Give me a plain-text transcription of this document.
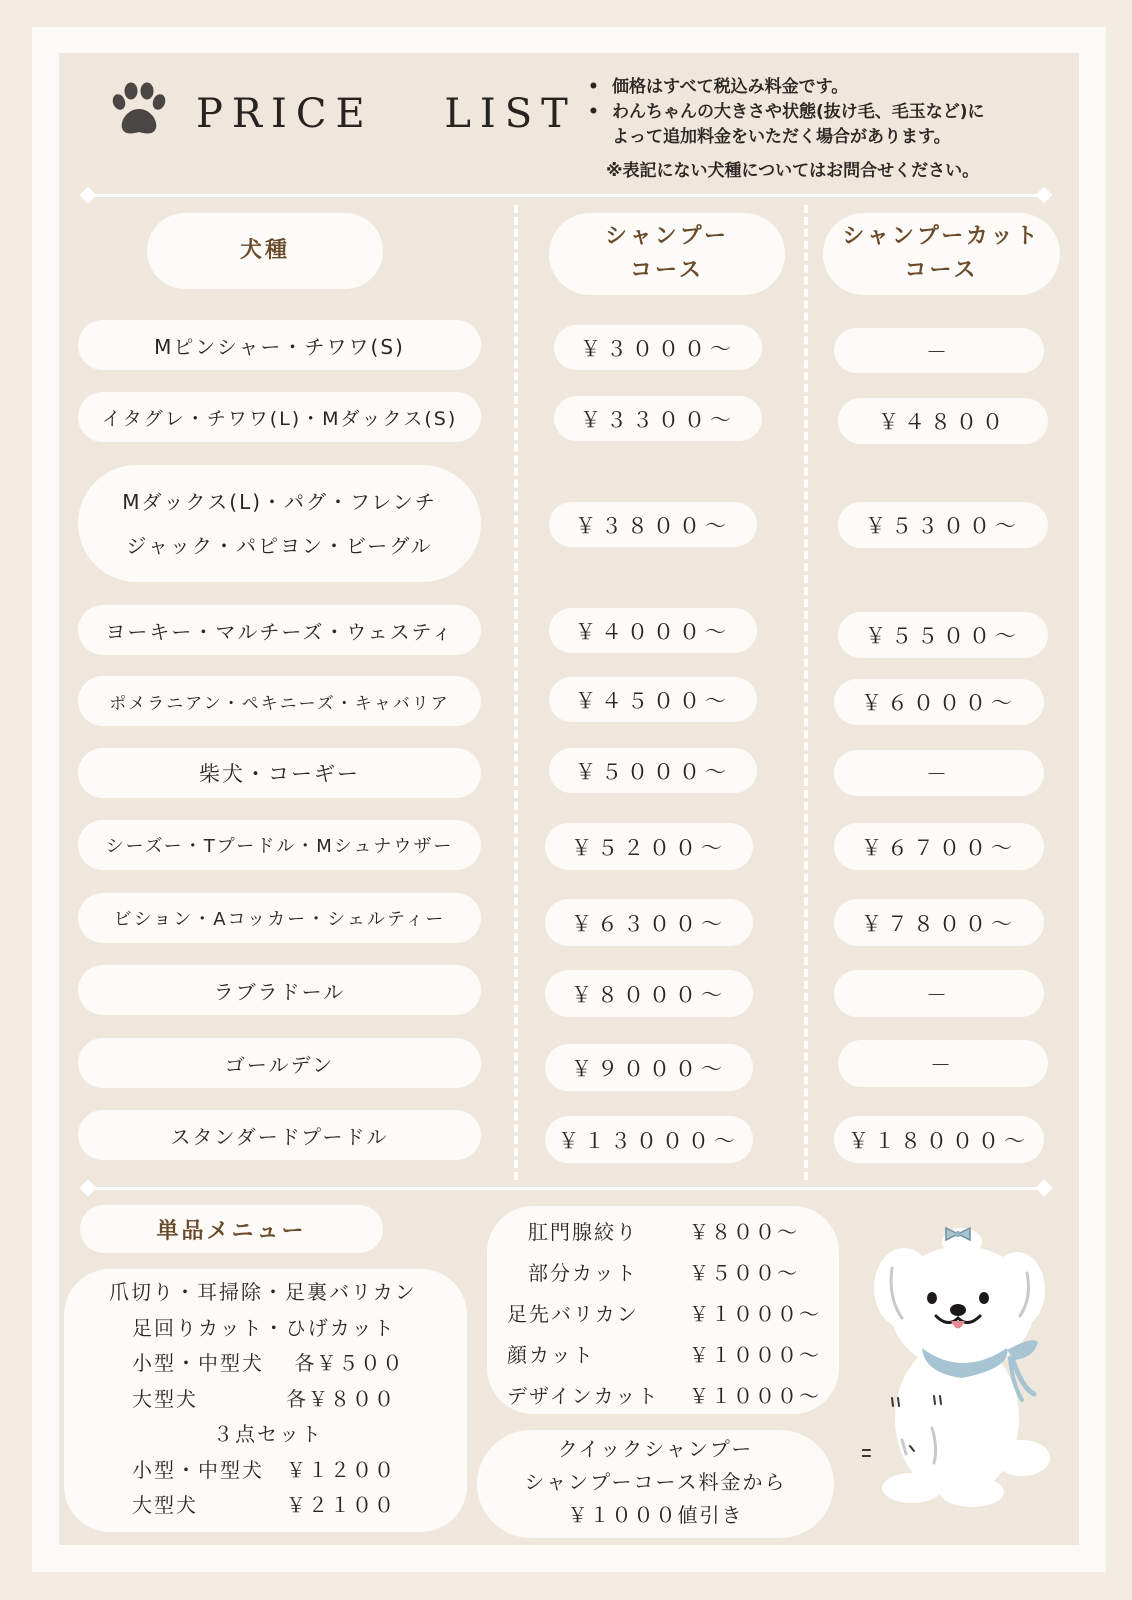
PRICE　 LIST
• 価格はすべて税込み料金です。
• わんちゃんの大きさや状態(抜け毛、毛玉など)に
よって追加料金をいただく場合があります。
※表記にない犬種についてはお問合せください。
犬種
シャンプー
コース
シャンプーカット
コース
Mピンシャー・チワワ(S)	￥３０００～	－
イタグレ・チワワ(L)・Mダックス(S)	￥３３００～	￥４８００
Mダックス(L)・パグ・フレンチ
ジャック・パピヨン・ビーグル
￥３８００～	￥５３００～
ヨーキー・マルチーズ・ウェスティ	￥４０００～	￥５５００～
ポメラニアン・ペキニーズ・キャバリア	￥４５００～	￥６０００～
柴犬・コーギー	￥５０００～	－
シーズー・Tプードル・Mシュナウザー	￥５２００～	￥６７００～
ビション・Aコッカー・シェルティー	￥６３００～	￥７８００～
ラブラドール	￥８０００～	－
ゴールデン	￥９０００～	－
スタンダードプードル	￥１３０００～	￥１８０００～
単品メニュー
爪切り・耳掃除・足裏バリカン
足回りカット・ひげカット
小型・中型犬　 各￥５００
大型犬　　　　各￥８００
３点セット
小型・中型犬　￥１２００
大型犬　　　　￥２１００
肛門腺絞り	￥８００～
部分カット	￥５００～
足先バリカン	￥１０００～
顔カット	￥１０００～
デザインカット ￥１０００～
クイックシャンプー
シャンプーコース料金から
￥１０００値引き
